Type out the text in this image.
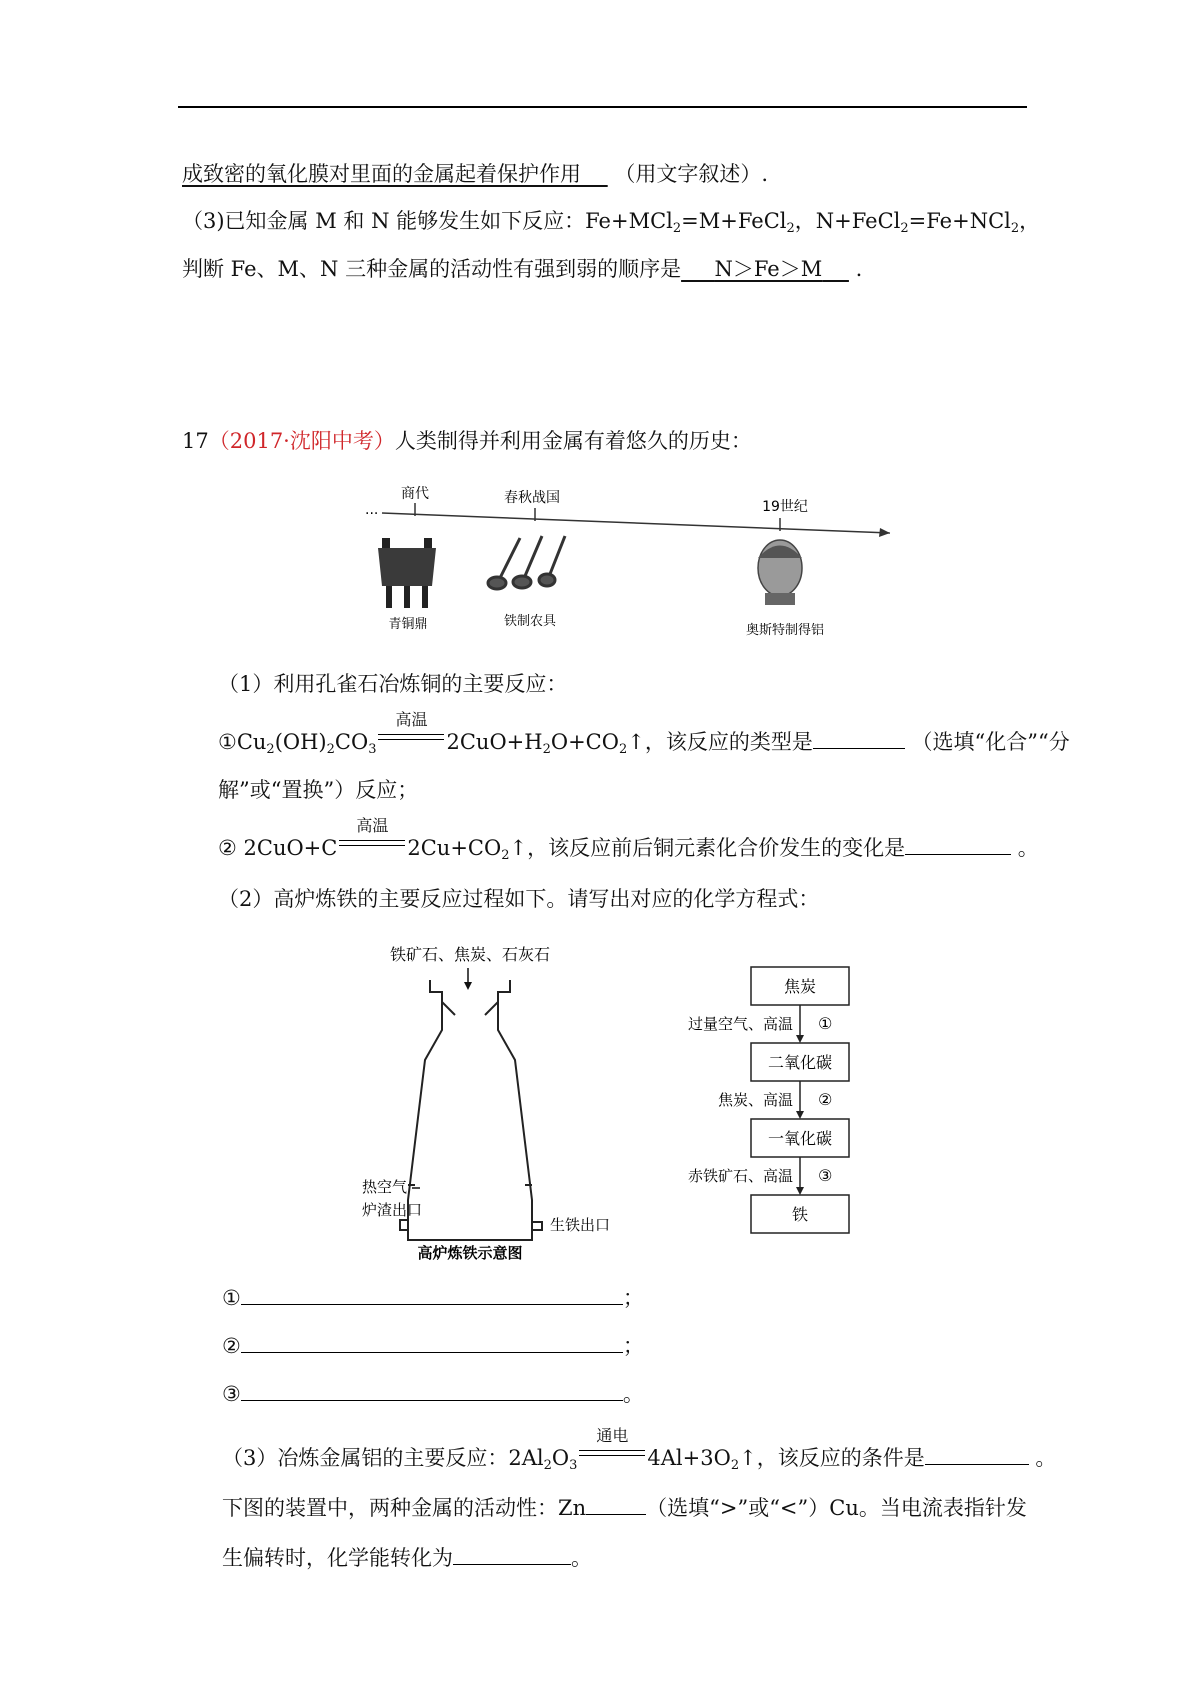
成致密的氧化膜对里面的金属起着保护作用 （用文字叙述）.
（3)已知金属 M 和 N 能够发生如下反应：Fe+MCl$_2$=M+FeCl$_2$，N+FeCl$_2$=Fe+NCl$_2$，
判断 Fe、M、N 三种金属的活动性有强到弱的顺序是 N＞Fe＞M .
17（2017·沈阳中考）人类制得并利用金属有着悠久的历史：
···
商代	春秋战国
19世纪
青铜鼎	铁制农具
奥斯特制得铝
（1）利用孔雀石冶炼铜的主要反应：
$①Cu_2(OH)_2CO_3$
高温
$2CuO+H_2O+CO_2↑$，该反应的类型是	（选填“化合”“分
解”或“置换”）反应；
② 2CuO+C
高温
$2Cu+CO_2↑$，该反应前后铜元素化合价发生的变化是	。
（2）高炉炼铁的主要反应过程如下。请写出对应的化学方程式：
铁矿石、焦炭、石灰石
热空气
炉渣出口
生铁出口
高炉炼铁示意图
焦炭
二氧化碳
一氧化碳
铁
过量空气、高温
焦炭、高温
赤铁矿石、高温
①
②
③
①	；
②	；
③	。
（3）冶炼金属铝的主要反应：$2Al_2O_3$
通电
$4Al+3O_2↑$，该反应的条件是	。
下图的装置中，两种金属的活动性：Zn	（选填“>”或“<”）Cu。当电流表指针发
生偏转时，化学能转化为	。
